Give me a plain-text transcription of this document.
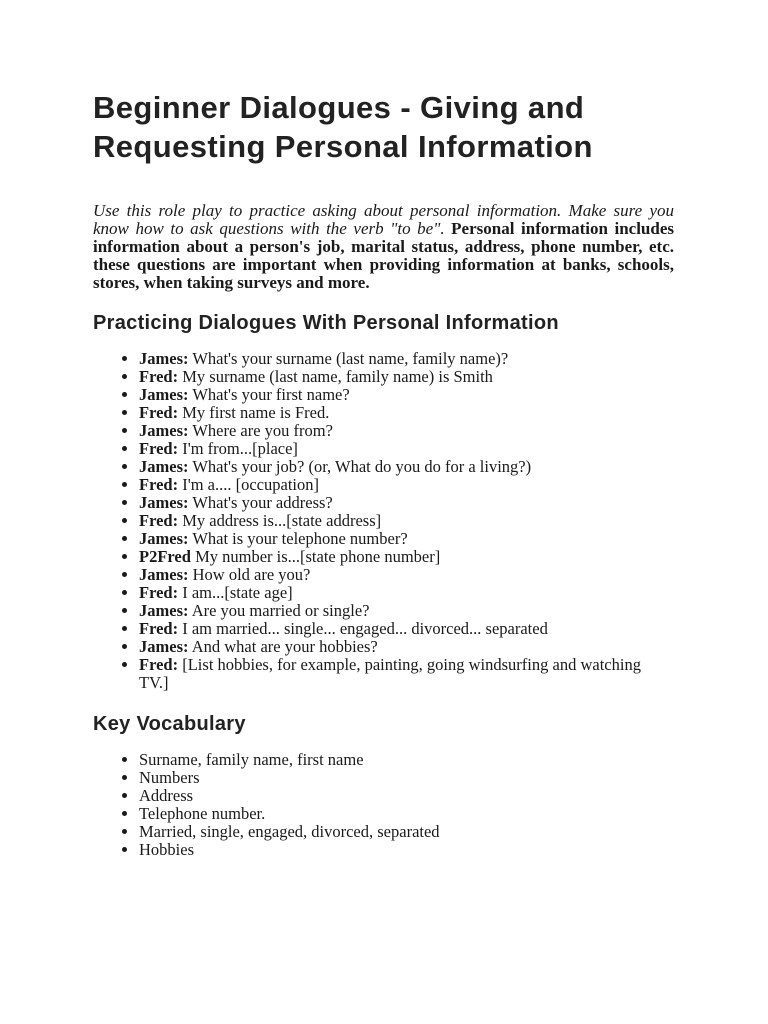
Beginner Dialogues - Giving and Requesting Personal Information

Use this role play to practice asking about personal information. Make sure you know how to ask questions with the verb "to be". Personal information includes information about a person's job, marital status, address, phone number, etc. these questions are important when providing information at banks, schools, stores, when taking surveys and more.

Practicing Dialogues With Personal Information
• James: What's your surname (last name, family name)?
• Fred: My surname (last name, family name) is Smith
• James: What's your first name?
• Fred: My first name is Fred.
• James: Where are you from?
• Fred: I'm from...[place]
• James: What's your job? (or, What do you do for a living?)
• Fred: I'm a.... [occupation]
• James: What's your address?
• Fred: My address is...[state address]
• James: What is your telephone number?
• P2Fred My number is...[state phone number]
• James: How old are you?
• Fred: I am...[state age]
• James: Are you married or single?
• Fred: I am married... single... engaged... divorced... separated
• James: And what are your hobbies?
• Fred: [List hobbies, for example, painting, going windsurfing and watching TV.]
Key Vocabulary
• Surname, family name, first name
• Numbers
• Address
• Telephone number.
• Married, single, engaged, divorced, separated
• Hobbies
